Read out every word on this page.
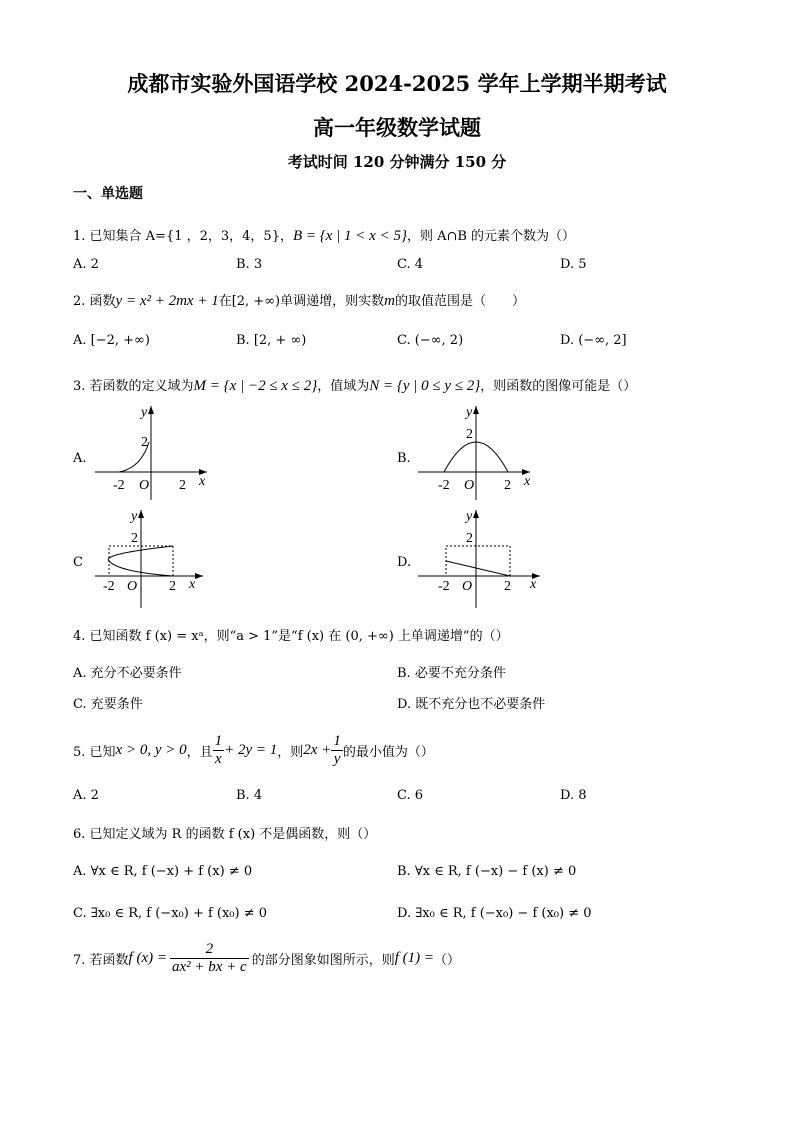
成都市实验外国语学校 2024-2025 学年上学期半期考试
高一年级数学试题
考试时间 120 分钟满分 150 分
一、单选题
1. 已知集合 A={1 ，2，3，4，5}，B = {x | 1 < x < 5}，则 A∩B 的元素个数为（）
A. 2	B. 3	C. 4	D. 5
2. 函数y = x² + 2mx + 1在[2, +∞)单调递增，则实数m的取值范围是（　　）
A. [−2, +∞)	B. [2, + ∞)	C. (−∞, 2)	D. (−∞, 2]
3. 若函数的定义域为M = {x | −2 ≤ x ≤ 2}，值域为N = {y | 0 ≤ y ≤ 2}，则函数的图像可能是（）
A.	B.
C	D.
y
2
-2 O 2 x
y
2
-2 O 2 x
y
2
-2 O 2 x
y
2
-2 O 2 x
4. 已知函数 f (x) = xᵃ，则“a > 1”是“f (x) 在 (0, +∞) 上单调递增”的（）
A. 充分不必要条件	B. 必要不充分条件
C. 充要条件	D. 既不充分也不必要条件
5. 已知 x > 0, y > 0 ，且 $\frac{1}{x} + 2y = 1$ ，则 $2x + \frac{1}{y}$ 的最小值为（）
A. 2	B. 4	C. 6	D. 8
6. 已知定义域为 R 的函数 f (x) 不是偶函数，则（）
A. ∀x ∈ R, f (−x) + f (x) ≠ 0	B. ∀x ∈ R, f (−x) − f (x) ≠ 0
C. ∃x₀ ∈ R, f (−x₀) + f (x₀) ≠ 0	D. ∃x₀ ∈ R, f (−x₀) − f (x₀) ≠ 0
7. 若函数 f $(x) = \frac{2}{\text{ax² + bx + c}}$ 的部分图象如图所示，则 f (1) = （）
